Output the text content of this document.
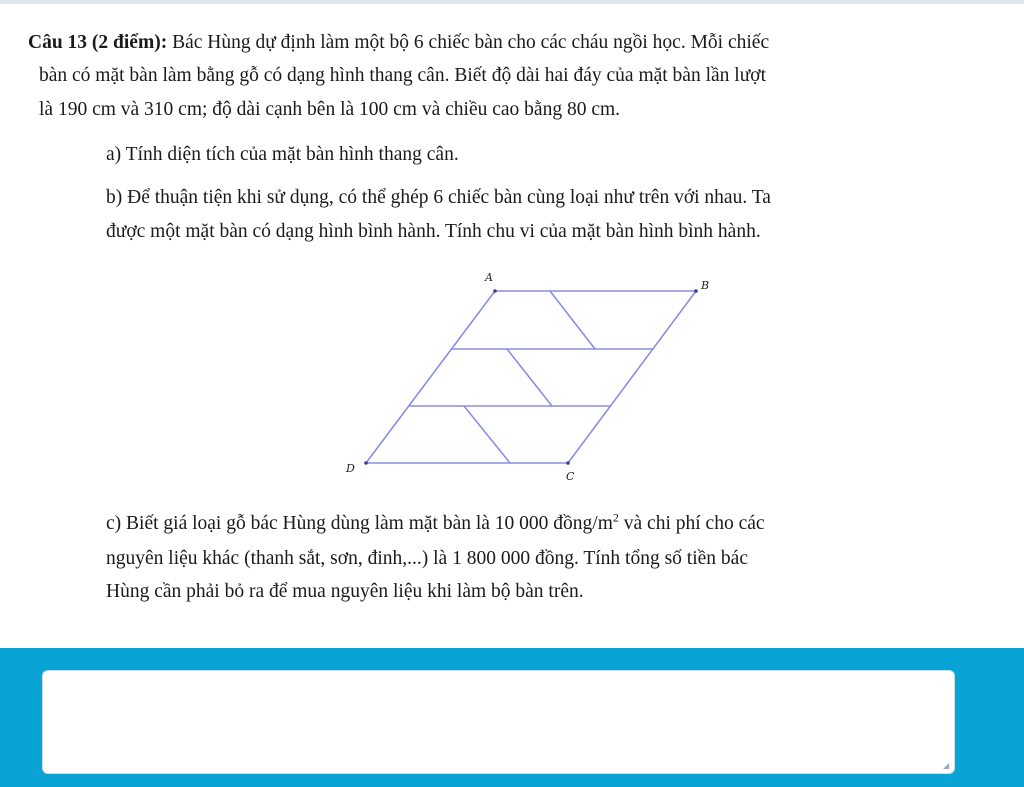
Câu 13 (2 điểm): Bác Hùng dự định làm một bộ 6 chiếc bàn cho các cháu ngồi học. Mỗi chiếc
bàn có mặt bàn làm bằng gỗ có dạng hình thang cân. Biết độ dài hai đáy của mặt bàn lần lượt
là 190 cm và 310 cm; độ dài cạnh bên là 100 cm và chiều cao bằng 80 cm.
a) Tính diện tích của mặt bàn hình thang cân.
b) Để thuận tiện khi sử dụng, có thể ghép 6 chiếc bàn cùng loại như trên với nhau. Ta
được một mặt bàn có dạng hình bình hành. Tính chu vi của mặt bàn hình bình hành.
A
B
C
D
c) Biết giá loại gỗ bác Hùng dùng làm mặt bàn là 10 000 đồng/$m^2$ và chi phí cho các
nguyên liệu khác (thanh sắt, sơn, đinh,...) là 1 800 000 đồng. Tính tổng số tiền bác
Hùng cần phải bỏ ra để mua nguyên liệu khi làm bộ bàn trên.
◢
